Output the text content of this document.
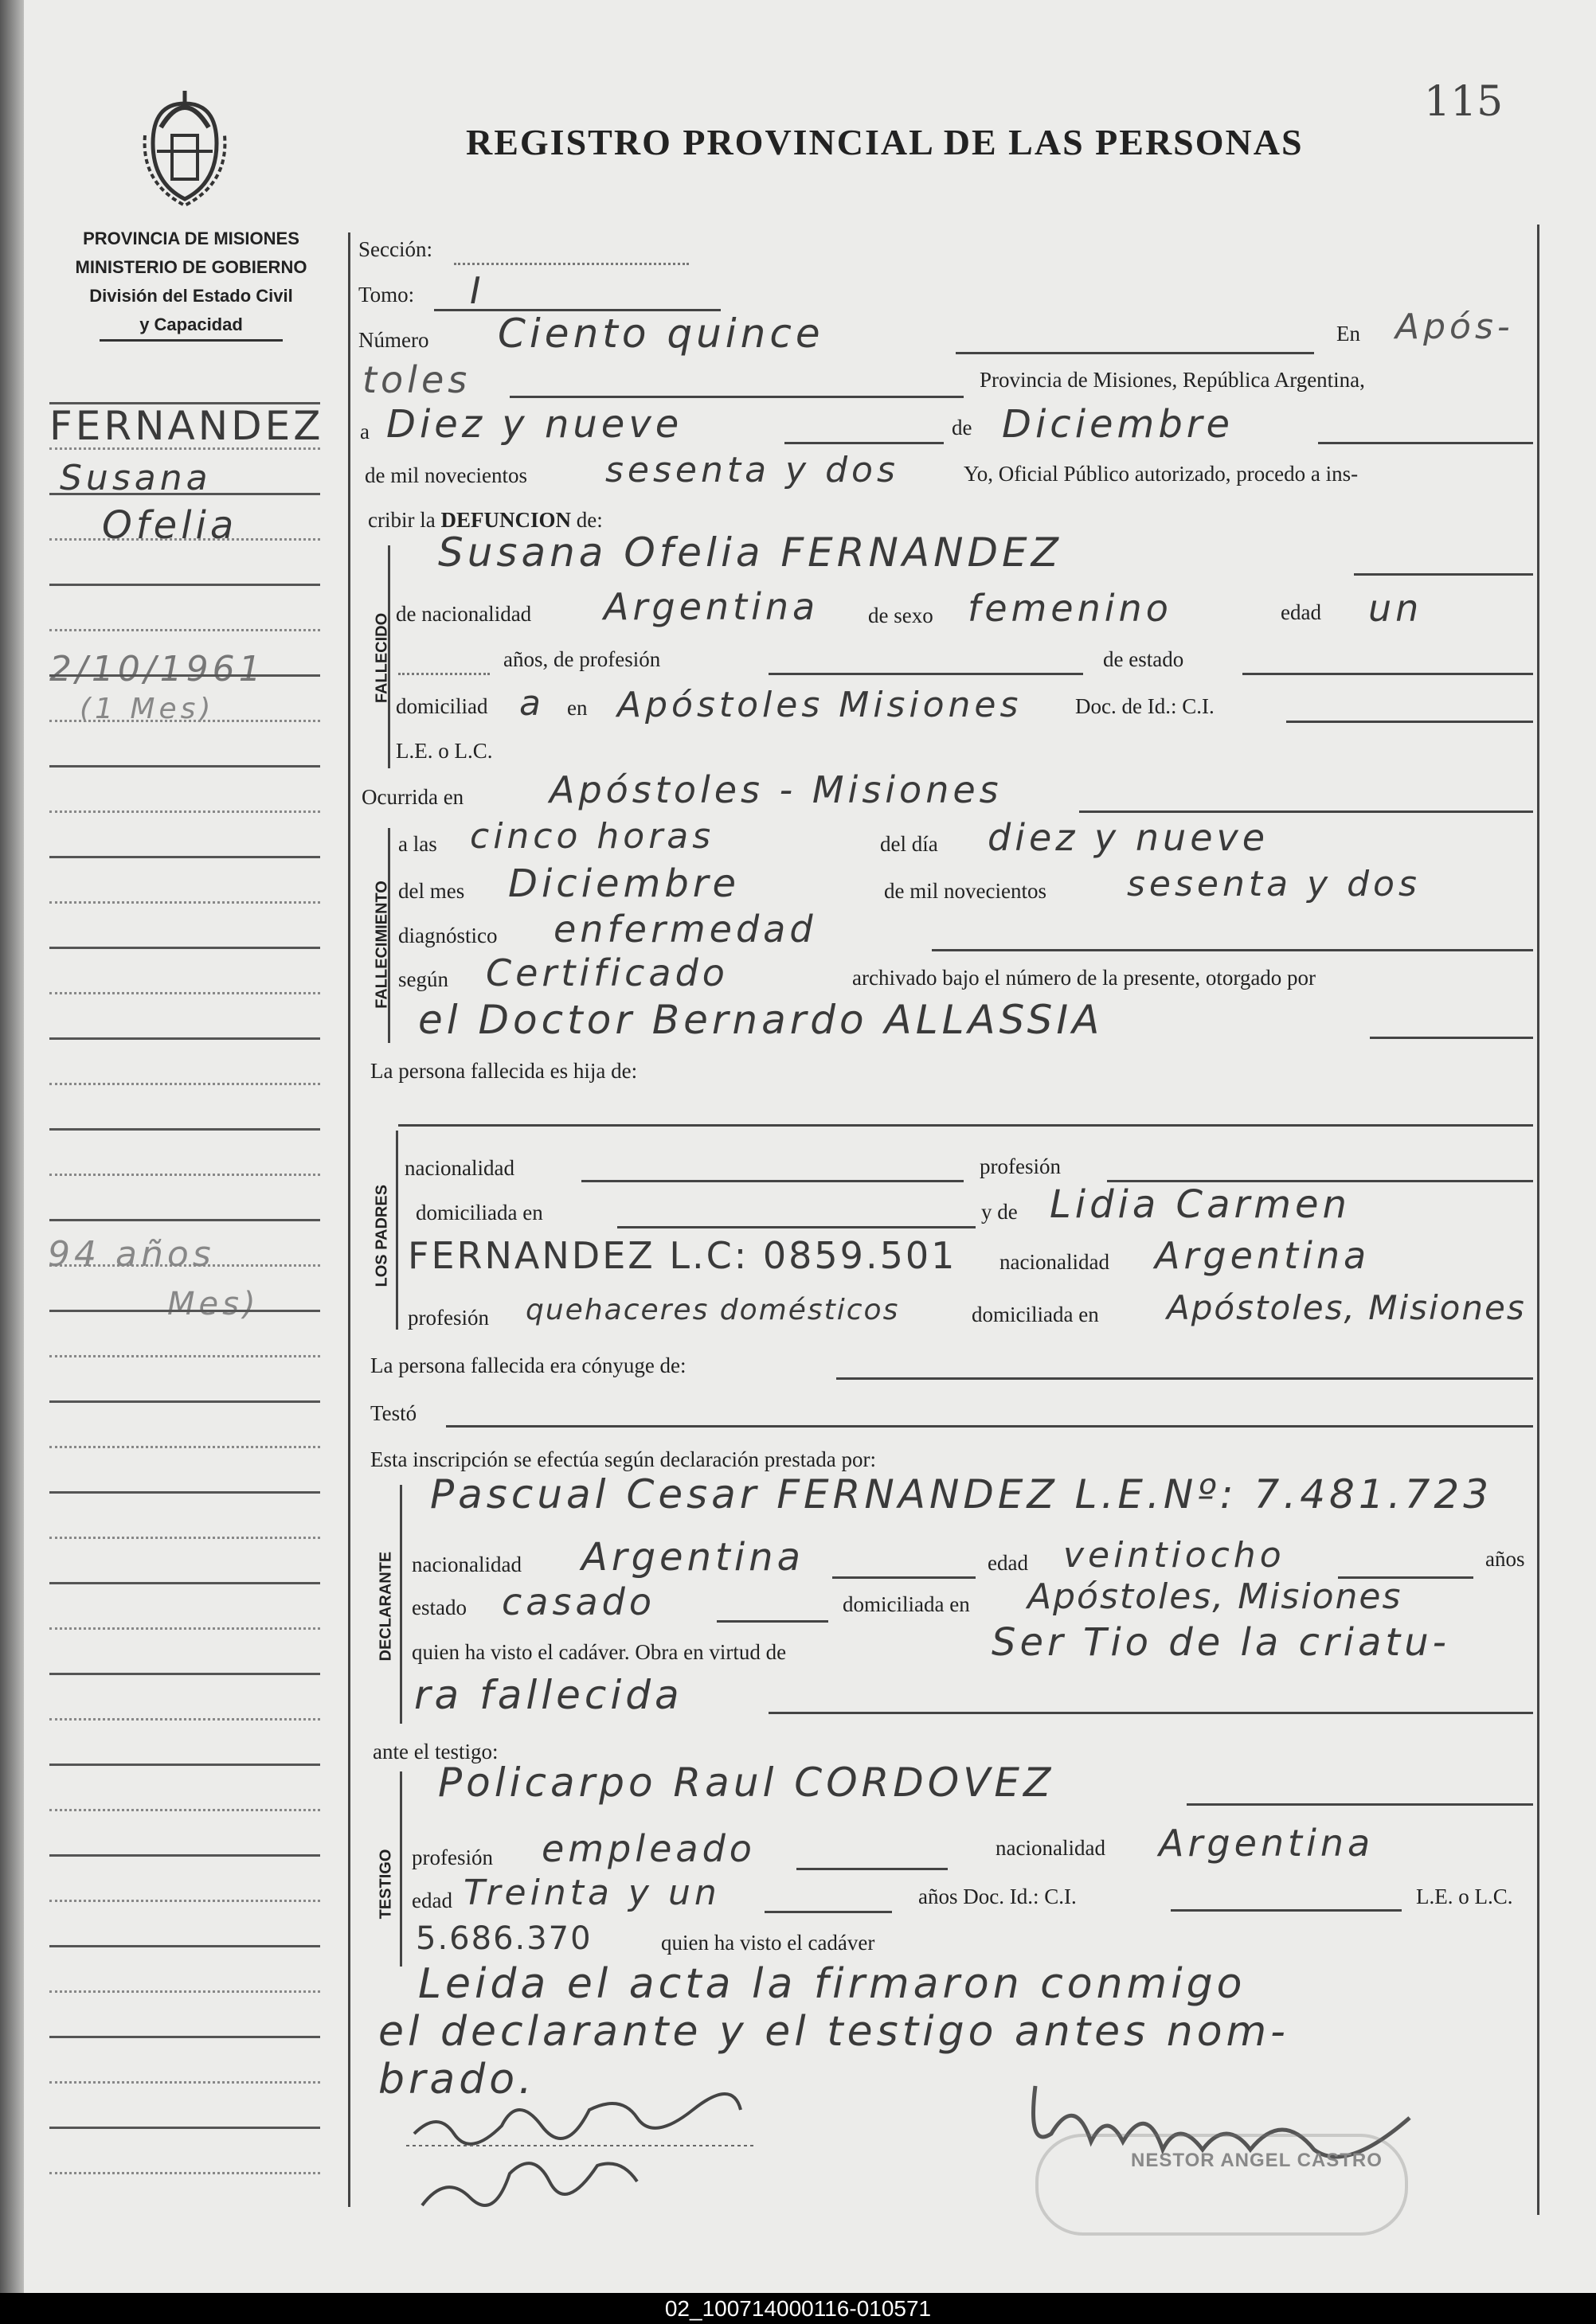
115
REGISTRO PROVINCIAL DE LAS PERSONAS
PROVINCIA DE MISIONES
MINISTERIO DE GOBIERNO
División del Estado Civil
y Capacidad
FERNANDEZ
Susana
Ofelia
2/10/1961
(1 Mes)
94 años
Mes)
Sección:
Tomo: I
Número Ciento quince	En Após-
toles	Provincia de Misiones, República Argentina,
a Diez y nueve	de Diciembre
de mil novecientos sesenta y dos	Yo, Oficial Público autorizado, procedo a ins-
cribir la DEFUNCION de:
FALLECIDO
Susana Ofelia FERNANDEZ
de nacionalidad Argentina de sexo femenino	edad un
años, de profesión	de estado
domiciliad a en Apóstoles Misiones Doc. de Id.: C.I.
L.E. o L.C.
Ocurrida en Apóstoles - Misiones
FALLECIMIENTO
a las cinco horas	del día diez y nueve
del mes Diciembre	de mil novecientos sesenta y dos
diagnóstico enfermedad
según Certificado	archivado bajo el número de la presente, otorgado por
el Doctor Bernardo ALLASSIA
La persona fallecida es hija de:
LOS PADRES
nacionalidad	profesión
domiciliada en	y de Lidia Carmen
FERNANDEZ L.C: 0859.501 nacionalidad Argentina
profesión quehaceres domésticos	domiciliada en Apóstoles, Misiones
La persona fallecida era cónyuge de:
Testó
Esta inscripción se efectúa según declaración prestada por:
DECLARANTE
Pascual Cesar FERNANDEZ L.E.Nº: 7.481.723
nacionalidad Argentina	edad veintiocho	años
estado casado	domiciliada en Apóstoles, Misiones
quien ha visto el cadáver. Obra en virtud de	Ser Tio de la criatu-
ra fallecida
ante el testigo:
TESTIGO
Policarpo Raul CORDOVEZ
profesión empleado	nacionalidad Argentina
edad Treinta y un	años Doc. Id.: C.I.	L.E. o L.C.
5.686.370	quien ha visto el cadáver
Leida el acta la firmaron conmigo
el declarante y el testigo antes nom-
brado.
NESTOR ANGEL CASTRO
02_100714000116-010571
